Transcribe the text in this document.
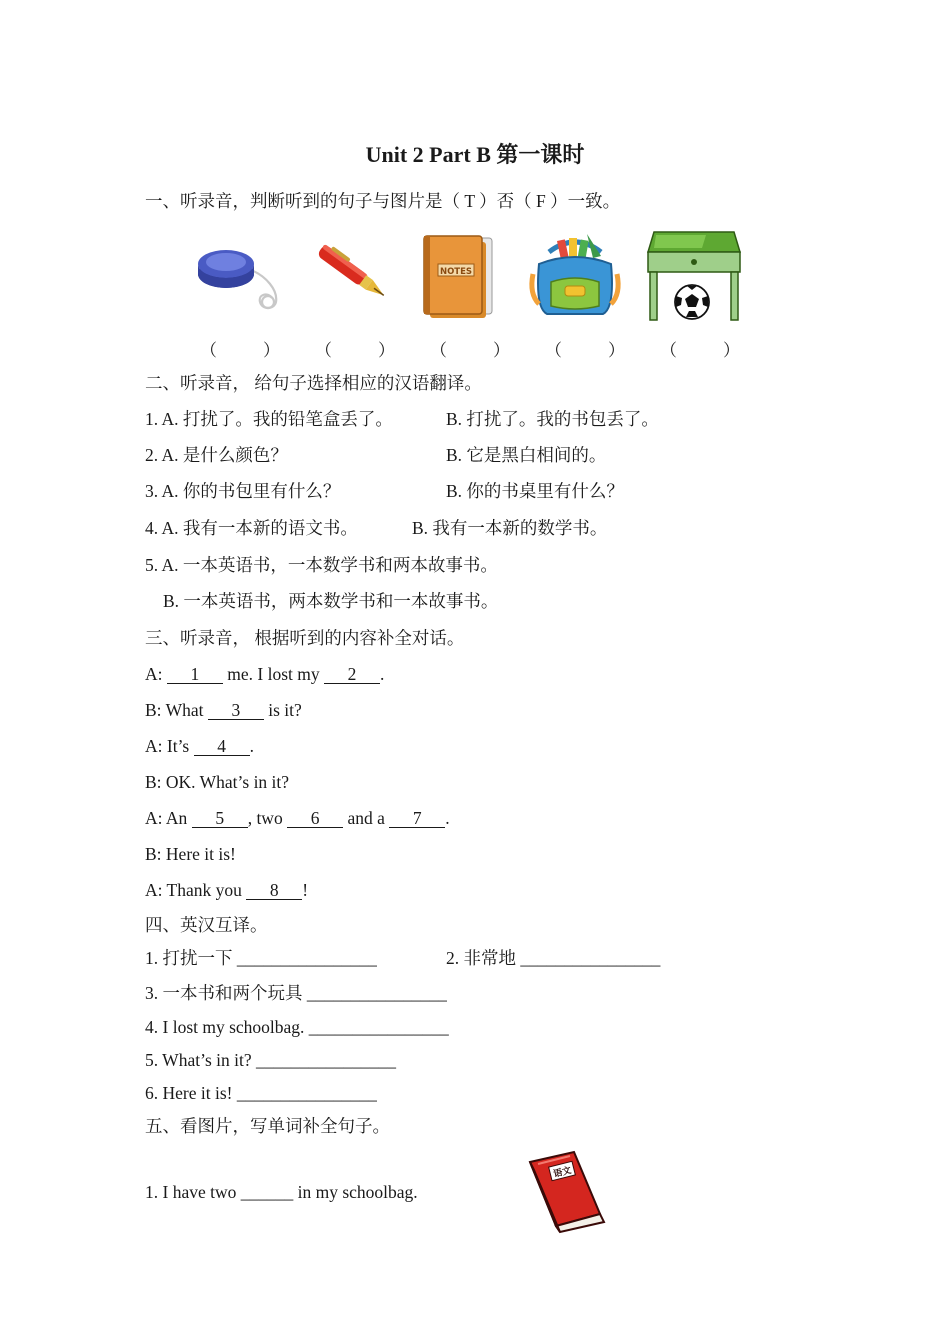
Unit 2 Part B 第一课时
一、听录音，判断听到的句子与图片是（ T ）否（ F ）一致。
NOTES
（	） （	） （	） （	） （	）
二、听录音， 给句子选择相应的汉语翻译。
1. A. 打扰了。我的铅笔盒丢了。	B. 打扰了。我的书包丢了。
2. A. 是什么颜色？	B. 它是黑白相间的。
3. A. 你的书包里有什么？	B. 你的书桌里有什么？
4. A. 我有一本新的语文书。	B. 我有一本新的数学书。
5. A. 一本英语书，一本数学书和两本故事书。
B. 一本英语书，两本数学书和一本故事书。
三、听录音， 根据听到的内容补全对话。
A: 1 me. I lost my 2 .
B: What 3 is it?
A: It’s 4 .
B: OK. What’s in it?
A: An 5 , two 6 and a 7 .
B: Here it is!
A: Thank you 8 !
四、英汉互译。
1. 打扰一下 ________________	2. 非常地 ________________
3. 一本书和两个玩具 ________________
4. I lost my schoolbag. ________________
5. What’s in it? ________________
6. Here it is! ________________
五、看图片，写单词补全句子。
1. I have two ______ in my schoolbag.
语文
